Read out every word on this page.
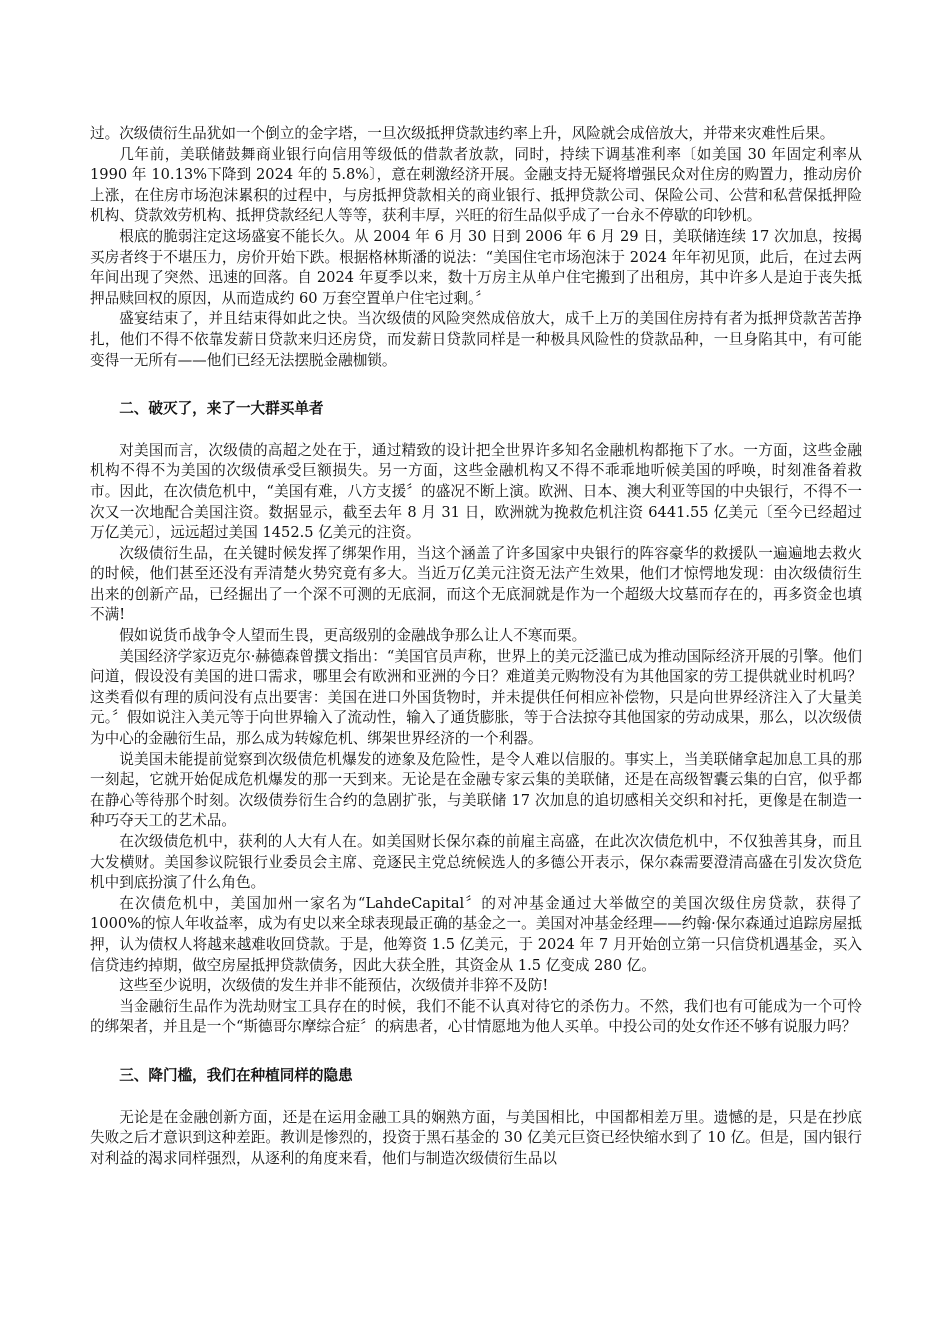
过。次级债衍生品犹如一个倒立的金字塔，一旦次级抵押贷款违约率上升，风险就会成倍放大，并带来灾难性后果。

几年前，美联储鼓舞商业银行向信用等级低的借款者放款，同时，持续下调基准利率〔如美国 30 年固定利率从 1990 年 10.13%下降到 2024 年的 5.8%〕，意在刺激经济开展。金融支持无疑将增强民众对住房的购置力，推动房价上涨，在住房市场泡沫累积的过程中，与房抵押贷款相关的商业银行、抵押贷款公司、保险公司、公营和私营保抵押险机构、贷款效劳机构、抵押贷款经纪人等等，获利丰厚，兴旺的衍生品似乎成了一台永不停歇的印钞机。

根底的脆弱注定这场盛宴不能长久。从 2004 年 6 月 30 日到 2006 年 6 月 29 日，美联储连续 17 次加息，按揭买房者终于不堪压力，房价开始下跌。根据格林斯潘的说法：“美国住宅市场泡沫于 2024 年年初见顶，此后，在过去两年间出现了突然、迅速的回落。自 2024 年夏季以来，数十万房主从单户住宅搬到了出租房，其中许多人是迫于丧失抵押品赎回权的原因，从而造成约 60 万套空置单户住宅过剩。〞

盛宴结束了，并且结束得如此之快。当次级债的风险突然成倍放大，成千上万的美国住房持有者为抵押贷款苦苦挣扎，他们不得不依靠发薪日贷款来归还房贷，而发薪日贷款同样是一种极具风险性的贷款品种，一旦身陷其中，有可能变得一无所有——他们已经无法摆脱金融枷锁。

二、破灭了，来了一大群买单者

对美国而言，次级债的高超之处在于，通过精致的设计把全世界许多知名金融机构都拖下了水。一方面，这些金融机构不得不为美国的次级债承受巨额损失。另一方面，这些金融机构又不得不乖乖地听候美国的呼唤，时刻准备着救市。因此，在次债危机中，“美国有难，八方支援〞的盛况不断上演。欧洲、日本、澳大利亚等国的中央银行，不得不一次又一次地配合美国注资。数据显示，截至去年 8 月 31 日，欧洲就为挽救危机注资 6441.55 亿美元〔至今已经超过万亿美元〕，远远超过美国 1452.5 亿美元的注资。

次级债衍生品，在关键时候发挥了绑架作用，当这个涵盖了许多国家中央银行的阵容豪华的救援队一遍遍地去救火的时候，他们甚至还没有弄清楚火势究竟有多大。当近万亿美元注资无法产生效果，他们才惊愕地发现：由次级债衍生出来的创新产品，已经掘出了一个深不可测的无底洞，而这个无底洞就是作为一个超级大坟墓而存在的，再多资金也填不满!

假如说货币战争令人望而生畏，更高级别的金融战争那么让人不寒而栗。

美国经济学家迈克尔·赫德森曾撰文指出：“美国官员声称，世界上的美元泛滥已成为推动国际经济开展的引擎。他们问道，假设没有美国的进口需求，哪里会有欧洲和亚洲的今日？难道美元购物没有为其他国家的劳工提供就业时机吗？这类看似有理的质问没有点出要害：美国在进口外国货物时，并未提供任何相应补偿物，只是向世界经济注入了大量美元。〞假如说注入美元等于向世界输入了流动性，输入了通货膨胀，等于合法掠夺其他国家的劳动成果，那么，以次级债为中心的金融衍生品，那么成为转嫁危机、绑架世界经济的一个利器。

说美国未能提前觉察到次级债危机爆发的迹象及危险性，是令人难以信服的。事实上，当美联储拿起加息工具的那一刻起，它就开始促成危机爆发的那一天到来。无论是在金融专家云集的美联储，还是在高级智囊云集的白宫，似乎都在静心等待那个时刻。次级债券衍生合约的急剧扩张，与美联储 17 次加息的追切感相关交织和衬托，更像是在制造一种巧夺天工的艺术品。

在次级债危机中，获利的人大有人在。如美国财长保尔森的前雇主高盛，在此次次债危机中，不仅独善其身，而且大发横财。美国参议院银行业委员会主席、竞逐民主党总统候选人的多德公开表示，保尔森需要澄清高盛在引发次贷危机中到底扮演了什么角色。

在次债危机中，美国加州一家名为“LahdeCapital〞的对冲基金通过大举做空的美国次级住房贷款，获得了 1000%的惊人年收益率，成为有史以来全球表现最正确的基金之一。美国对冲基金经理——约翰·保尔森通过追踪房屋抵押，认为债权人将越来越难收回贷款。于是，他筹资 1.5 亿美元，于 2024 年 7 月开始创立第一只信贷机遇基金，买入信贷违约掉期，做空房屋抵押贷款债务，因此大获全胜，其资金从 1.5 亿变成 280 亿。

这些至少说明，次级债的发生并非不能预估，次级债并非猝不及防!

当金融衍生品作为洗劫财宝工具存在的时候，我们不能不认真对待它的杀伤力。不然，我们也有可能成为一个可怜的绑架者，并且是一个“斯德哥尔摩综合症〞的病患者，心甘情愿地为他人买单。中投公司的处女作还不够有说服力吗？

三、降门槛，我们在种植同样的隐患

无论是在金融创新方面，还是在运用金融工具的娴熟方面，与美国相比，中国都相差万里。遗憾的是，只是在抄底失败之后才意识到这种差距。教训是惨烈的，投资于黑石基金的 30 亿美元巨资已经快缩水到了 10 亿。但是，国内银行对利益的渴求同样强烈，从逐利的角度来看，他们与制造次级债衍生品以
